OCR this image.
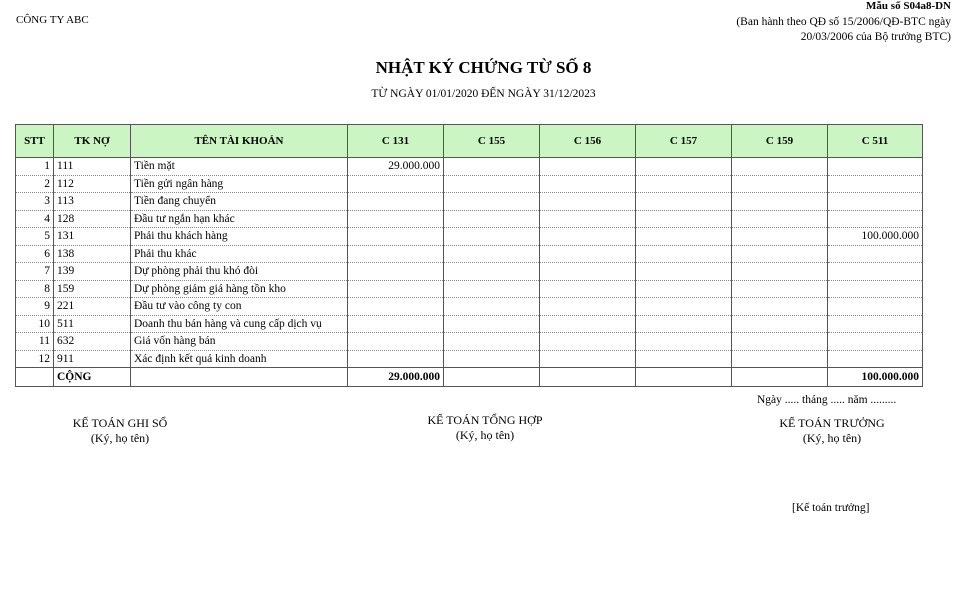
CÔNG TY ABC
Mẫu số S04a8-DN
(Ban hành theo QĐ số 15/2006/QĐ-BTC ngày
20/03/2006 của Bộ trưởng BTC)
NHẬT KÝ CHỨNG TỪ SỐ 8
TỪ NGÀY 01/01/2020 ĐẾN NGÀY 31/12/2023
STT	TK NỢ	TÊN TÀI KHOẢN	C 131	C 155	C 156	C 157	C 159	C 511
1	111	Tiền mặt	29.000.000					
2	112	Tiền gửi ngân hàng						
3	113	Tiền đang chuyển						
4	128	Đầu tư ngắn hạn khác						
5	131	Phải thu khách hàng						100.000.000
6	138	Phải thu khác						
7	139	Dự phòng phải thu khó đòi						
8	159	Dự phòng giảm giá hàng tồn kho						
9	221	Đầu tư vào công ty con						
10	511	Doanh thu bán hàng và cung cấp dịch vụ						
11	632	Giá vốn hàng bán						
12	911	Xác định kết quả kinh doanh						
	CỘNG		29.000.000					100.000.000
Ngày ..... tháng ..... năm .........
KẾ TOÁN GHI SỔ
(Ký, họ tên)
KẾ TOÁN TỔNG HỢP
(Ký, họ tên)
KẾ TOÁN TRƯỞNG
(Ký, họ tên)
[Kế toán trưởng]
